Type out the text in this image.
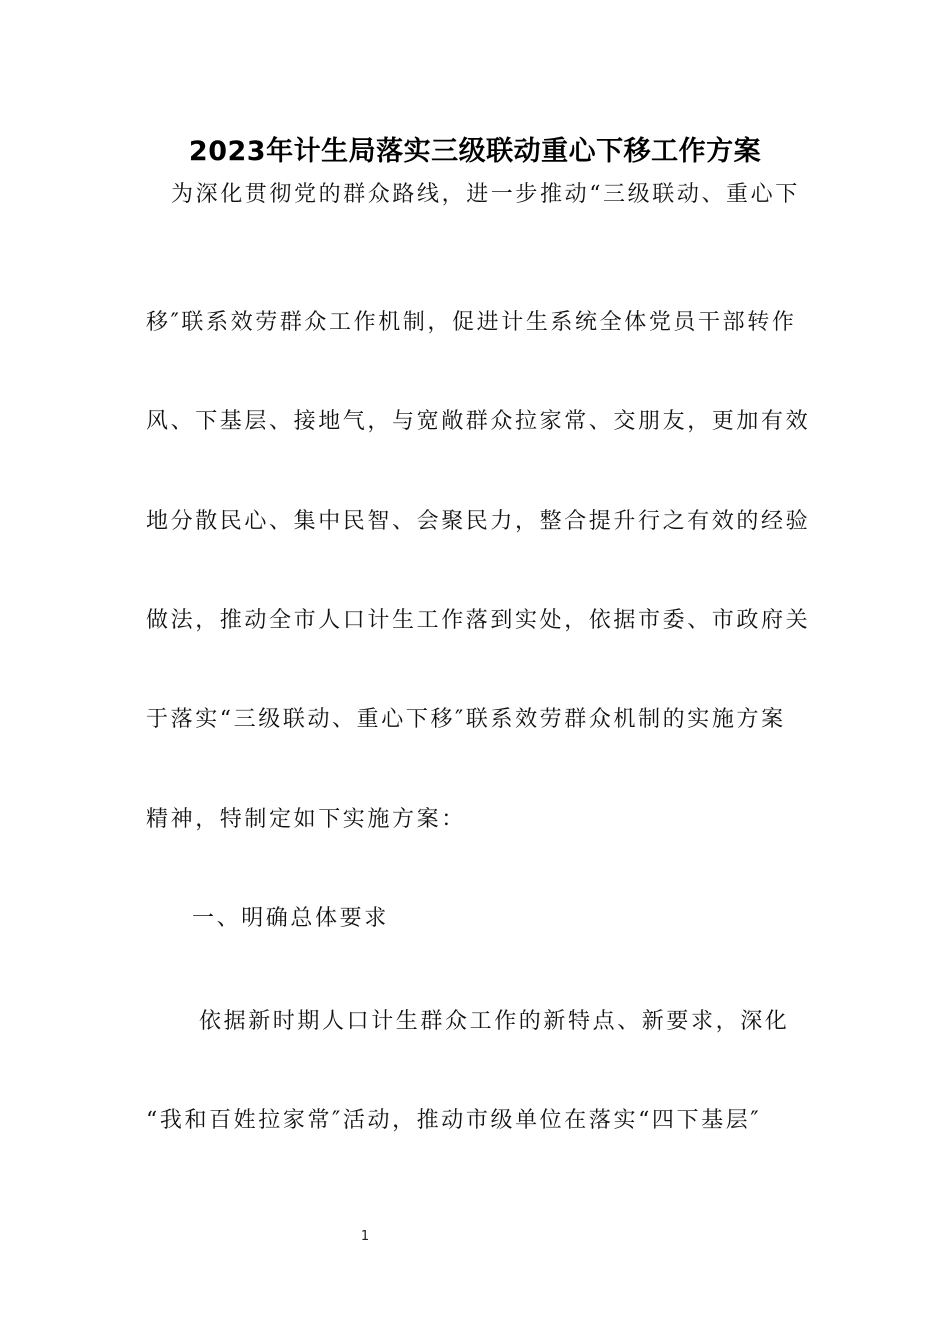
2023年计生局落实三级联动重心下移工作方案
为深化贯彻党的群众路线，进一步推动“三级联动、重心下
移″联系效劳群众工作机制，促进计生系统全体党员干部转作
风、下基层、接地气，与宽敞群众拉家常、交朋友，更加有效
地分散民心、集中民智、会聚民力，整合提升行之有效的经验
做法，推动全市人口计生工作落到实处，依据市委、市政府关
于落实“三级联动、重心下移″联系效劳群众机制的实施方案
精神，特制定如下实施方案：
一、明确总体要求
依据新时期人口计生群众工作的新特点、新要求，深化
“我和百姓拉家常″活动，推动市级单位在落实“四下基层″
1
